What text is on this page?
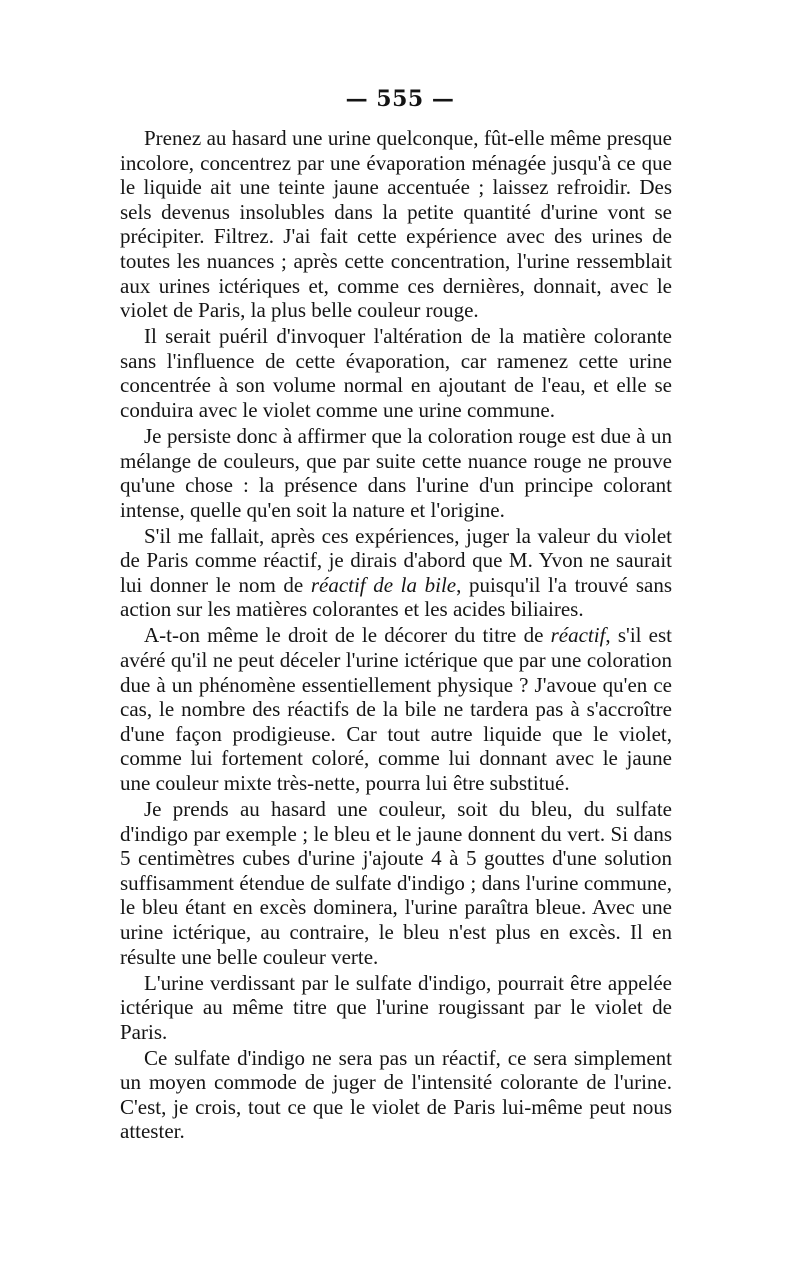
— 555 —

Prenez au hasard une urine quelconque, fût-elle même presque incolore, concentrez par une évaporation ménagée jusqu'à ce que le liquide ait une teinte jaune accentuée ; laissez refroidir. Des sels devenus insolubles dans la petite quantité d'urine vont se précipiter. Filtrez. J'ai fait cette expérience avec des urines de toutes les nuances ; après cette concentration, l'urine ressemblait aux urines ictériques et, comme ces dernières, donnait, avec le violet de Paris, la plus belle couleur rouge.

Il serait puéril d'invoquer l'altération de la matière colorante sans l'influence de cette évaporation, car ramenez cette urine concentrée à son volume normal en ajoutant de l'eau, et elle se conduira avec le violet comme une urine commune.

Je persiste donc à affirmer que la coloration rouge est due à un mélange de couleurs, que par suite cette nuance rouge ne prouve qu'une chose : la présence dans l'urine d'un principe colorant intense, quelle qu'en soit la nature et l'origine.

S'il me fallait, après ces expériences, juger la valeur du violet de Paris comme réactif, je dirais d'abord que M. Yvon ne saurait lui donner le nom de réactif de la bile, puisqu'il l'a trouvé sans action sur les matières colorantes et les acides biliaires.

A-t-on même le droit de le décorer du titre de réactif, s'il est avéré qu'il ne peut déceler l'urine ictérique que par une coloration due à un phénomène essentiellement physique ? J'avoue qu'en ce cas, le nombre des réactifs de la bile ne tardera pas à s'accroître d'une façon prodigieuse. Car tout autre liquide que le violet, comme lui fortement coloré, comme lui donnant avec le jaune une couleur mixte très-nette, pourra lui être substitué.

Je prends au hasard une couleur, soit du bleu, du sulfate d'indigo par exemple ; le bleu et le jaune donnent du vert. Si dans 5 centimètres cubes d'urine j'ajoute 4 à 5 gouttes d'une solution suffisamment étendue de sulfate d'indigo ; dans l'urine commune, le bleu étant en excès dominera, l'urine paraîtra bleue. Avec une urine ictérique, au contraire, le bleu n'est plus en excès. Il en résulte une belle couleur verte.

L'urine verdissant par le sulfate d'indigo, pourrait être appelée ictérique au même titre que l'urine rougissant par le violet de Paris.

Ce sulfate d'indigo ne sera pas un réactif, ce sera simplement un moyen commode de juger de l'intensité colorante de l'urine. C'est, je crois, tout ce que le violet de Paris lui-même peut nous attester.
